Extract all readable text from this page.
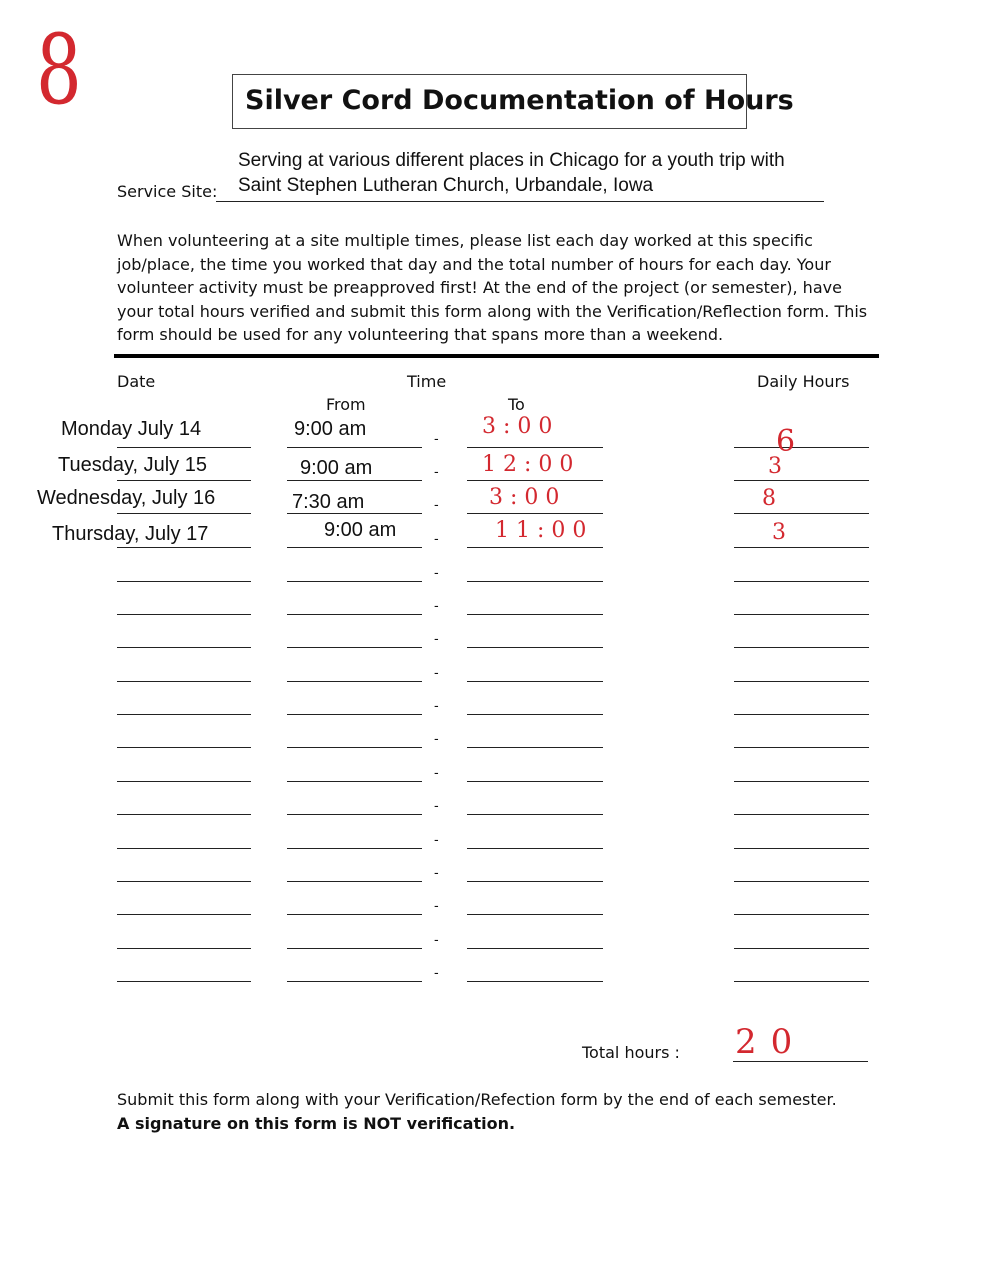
8	Silver Cord Documentation of Hours
Serving at various different places in Chicago for a youth trip with
Saint Stephen Lutheran Church, Urbandale, Iowa
Service Site:
When volunteering at a site multiple times, please list each day worked at this specific job/place, the time you worked that day and the total number of hours for each day. Your volunteer activity must be preapproved first! At the end of the project (or semester), have your total hours verified and submit this form along with the Verification/Reflection form. This form should be used for any volunteering that spans more than a weekend.
Date	Time	Daily Hours
From	To
-
Monday July 14	9:00 am	3:00	6
-
Tuesday, July 15	9:00 am	12:00	3
-
Wednesday, July 16	7:30 am	3:00	8
-
Thursday, July 17	9:00 am	11:00	3
-
-
-
-
-
-
-
-
-
-
-
-
-
Total hours : 20
Submit this form along with your Verification/Refection form by the end of each semester.
A signature on this form is NOT verification.
